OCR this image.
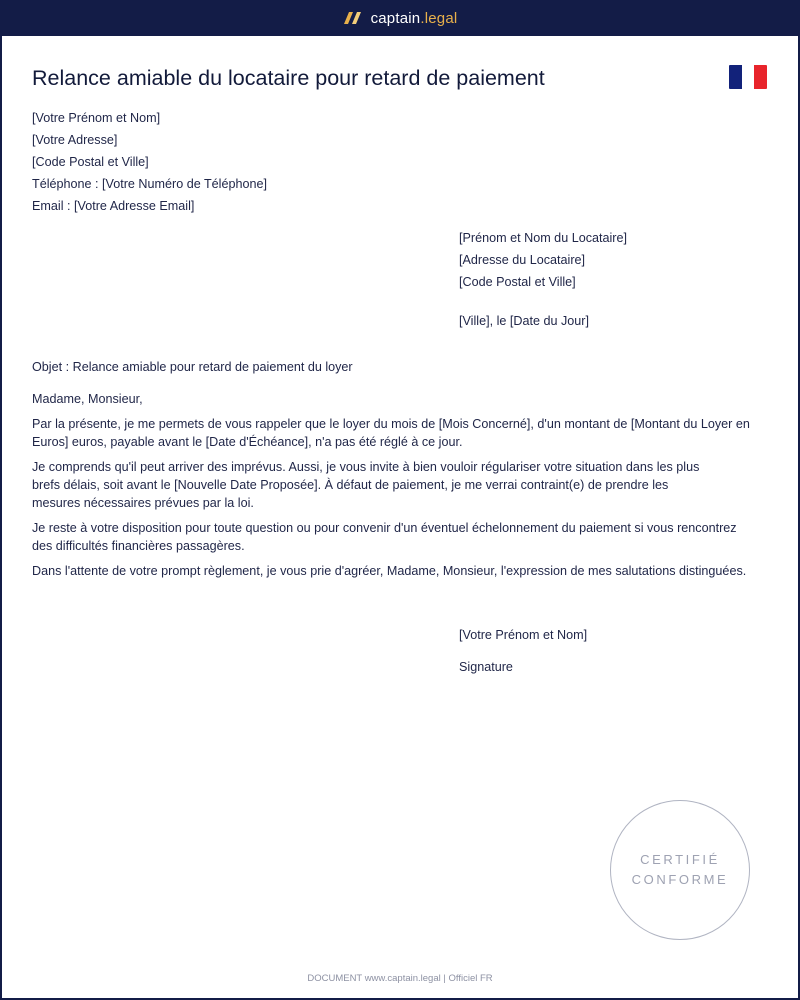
captain.legal
Relance amiable du locataire pour retard de paiement
[Votre Prénom et Nom]
[Votre Adresse]
[Code Postal et Ville]
Téléphone : [Votre Numéro de Téléphone]
Email : [Votre Adresse Email]
[Prénom et Nom du Locataire]
[Adresse du Locataire]
[Code Postal et Ville]
[Ville], le [Date du Jour]
Objet : Relance amiable pour retard de paiement du loyer
Madame, Monsieur,

Par la présente, je me permets de vous rappeler que le loyer du mois de [Mois Concerné], d'un montant de [Montant du Loyer en Euros] euros, payable avant le [Date d'Échéance], n'a pas été réglé à ce jour.

Je comprends qu'il peut arriver des imprévus. Aussi, je vous invite à bien vouloir régulariser votre situation dans les plus brefs délais, soit avant le [Nouvelle Date Proposée]. À défaut de paiement, je me verrai contraint(e) de prendre les mesures nécessaires prévues par la loi.

Je reste à votre disposition pour toute question ou pour convenir d'un éventuel échelonnement du paiement si vous rencontrez des difficultés financières passagères.

Dans l'attente de votre prompt règlement, je vous prie d'agréer, Madame, Monsieur, l'expression de mes salutations distinguées.

[Votre Prénom et Nom]
Signature
CERTIFIÉ
CONFORME
DOCUMENT www.captain.legal | Officiel FR
